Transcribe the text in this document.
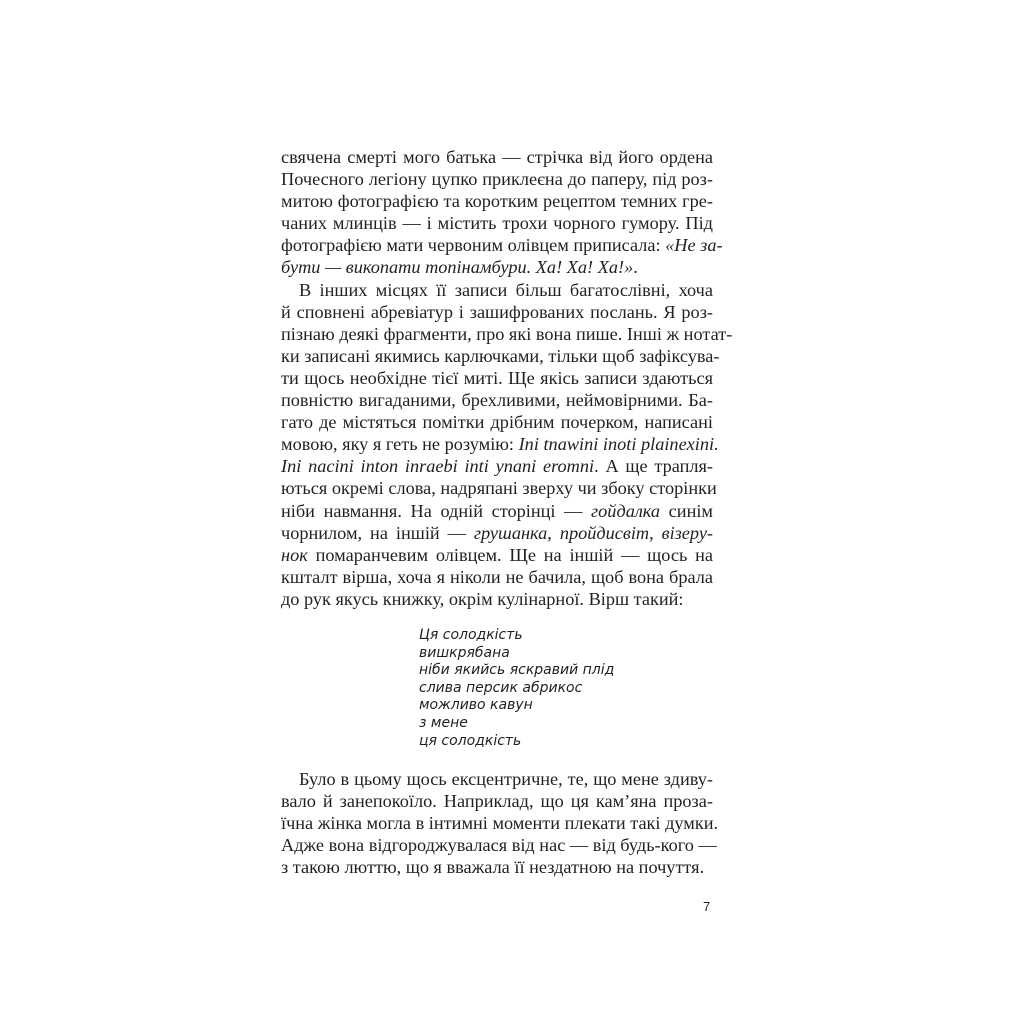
свячена смерті мого батька — стрічка від його ордена
Почесного легіону цупко приклеєна до паперу, під роз-
митою фотографією та коротким рецептом темних гре-
чаних млинців — і містить трохи чорного гумору. Під
фотографією мати червоним олівцем приписала: «Не за-
бути — викопати топінамбури. Ха! Ха! Ха!».
В інших місцях її записи більш багатослівні, хоча
й сповнені абревіатур і зашифрованих послань. Я роз-
пізнаю деякі фрагменти, про які вона пише. Інші ж нотат-
ки записані якимись карлючками, тільки щоб зафіксува-
ти щось необхідне тієї миті. Ще якісь записи здаються
повністю вигаданими, брехливими, неймовірними. Ба-
гато де містяться помітки дрібним почерком, написані
мовою, яку я геть не розумію: Ini tnawini inoti plainexini.
Ini nacini inton inraebi inti ynani eromni. А ще трапля-
ються окремі слова, надряпані зверху чи збоку сторінки
ніби навмання. На одній сторінці — гойдалка синім
чорнилом, на іншій — грушанка, пройдисвіт, візеру-
нок помаранчевим олівцем. Ще на іншій — щось на
кшталт вірша, хоча я ніколи не бачила, щоб вона брала
до рук якусь книжку, окрім кулінарної. Вірш такий:
Ця солодкість
вишкрябана
ніби якийсь яскравий плід
слива персик абрикос
можливо кавун
з мене
ця солодкість
Було в цьому щось ексцентричне, те, що мене здиву-
вало й занепокоїло. Наприклад, що ця кам’яна проза-
їчна жінка могла в інтимні моменти плекати такі думки.
Адже вона відгороджувалася від нас — від будь-кого —
з такою люттю, що я вважала її нездатною на почуття.
7
